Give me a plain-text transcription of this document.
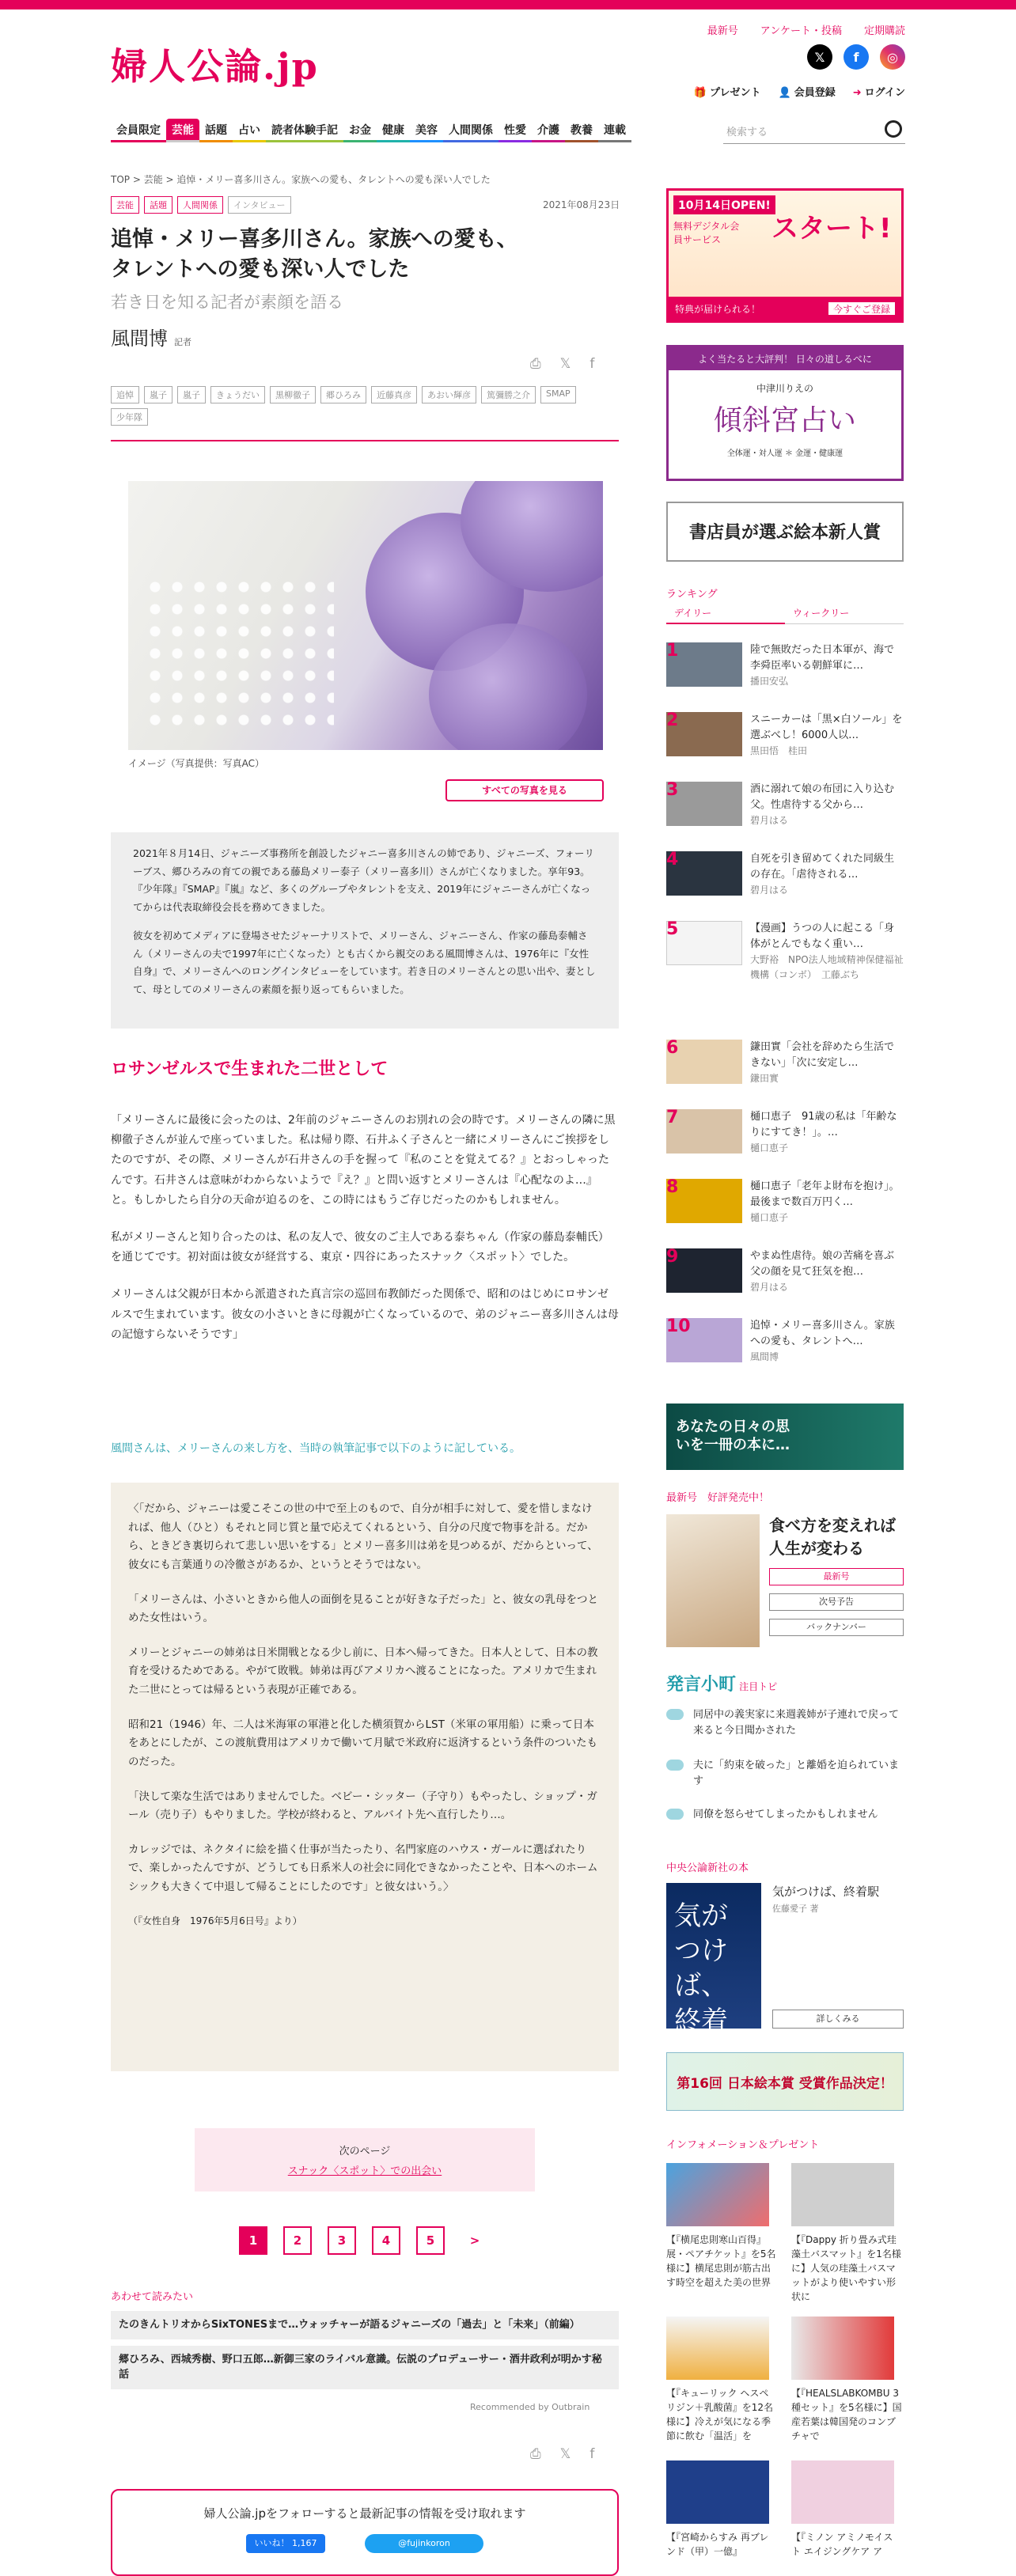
婦人公論.jp
最新号 アンケート・投稿 定期購読
𝕏	f	◎
🎁 プレゼント 👤 会員登録 ➜ ログイン
会員限定	芸能	話題	占い	読者体験手記	お金	健康	美容	人間関係	性愛	介護	教養	連載	検索する
TOP > 芸能 > 追悼・メリー喜多川さん。家族への愛も、タレントへの愛も深い人でした
芸能	話題	人間関係	インタビュー	2021年08月23日
追悼・メリー喜多川さん。家族への愛も、タレントへの愛も深い人でした
若き日を知る記者が素顔を語る
風間博 記者
⎙ 𝕏 f
追悼	嵐子	嵐子	きょうだい	黒柳徹子	郷ひろみ	近藤真彦	あおい輝彦	篤彌勝之介	SMAP
少年隊
イメージ（写真提供：写真AC）
すべての写真を見る

2021年８月14日、ジャニーズ事務所を創設したジャニー喜多川さんの姉であり、ジャニーズ、フォーリーブス、郷ひろみの育ての親である藤島メリー泰子（メリー喜多川）さんが亡くなりました。享年93。『少年隊』『SMAP』『嵐』など、多くのグループやタレントを支え、2019年にジャニーさんが亡くなってからは代表取締役会長を務めてきました。

彼女を初めてメディアに登場させたジャーナリストで、メリーさん、ジャニーさん、作家の藤島泰輔さん（メリーさんの夫で1997年に亡くなった）とも古くから親交のある風間博さんは、1976年に『女性自身』で、メリーさんへのロングインタビューをしています。若き日のメリーさんとの思い出や、妻として、母としてのメリーさんの素顔を振り返ってもらいました。

ロサンゼルスで生まれた二世として

「メリーさんに最後に会ったのは、2年前のジャニーさんのお別れの会の時です。メリーさんの隣に黒柳徹子さんが並んで座っていました。私は帰り際、石井ふく子さんと一緒にメリーさんにご挨拶をしたのですが、その際、メリーさんが石井さんの手を握って『私のことを覚えてる？』とおっしゃったんです。石井さんは意味がわからないようで『え？』と問い返すとメリーさんは『心配なのよ…』と。もしかしたら自分の天命が迫るのを、この時にはもうご存じだったのかもしれません。

私がメリーさんと知り合ったのは、私の友人で、彼女のご主人である泰ちゃん（作家の藤島泰輔氏）を通じてです。初対面は彼女が経営する、東京・四谷にあったスナック〈スポット〉でした。

メリーさんは父親が日本から派遣された真言宗の巡回布教師だった関係で、昭和のはじめにロサンゼルスで生まれています。彼女の小さいときに母親が亡くなっているので、弟のジャニー喜多川さんは母の記憶すらないそうです」

風間さんは、メリーさんの来し方を、当時の執筆記事で以下のように記している。

〈「だから、ジャニーは愛こそこの世の中で至上のもので、自分が相手に対して、愛を惜しまなければ、他人（ひと）もそれと同じ質と量で応えてくれるという、自分の尺度で物事を計る。だから、ときどき裏切られて悲しい思いをする」とメリー喜多川は弟を見つめるが、だからといって、彼女にも言葉通りの冷徹さがあるか、というとそうではない。

「メリーさんは、小さいときから他人の面倒を見ることが好きな子だった」と、彼女の乳母をつとめた女性はいう。

メリーとジャニーの姉弟は日米開戦となる少し前に、日本へ帰ってきた。日本人として、日本の教育を受けるためである。やがて敗戦。姉弟は再びアメリカへ渡ることになった。アメリカで生まれた二世にとっては帰るという表現が正確である。

昭和21（1946）年、二人は米海軍の軍港と化した横須賀からLST（米軍の軍用船）に乗って日本をあとにしたが、この渡航費用はアメリカで働いて月賦で米政府に返済するという条件のついたものだった。

「決して楽な生活ではありませんでした。ベビー・シッター（子守り）もやったし、ショップ・ガール（売り子）もやりました。学校が終わると、アルバイト先へ直行したり…。

カレッジでは、ネクタイに絵を描く仕事が当たったり、名門家庭のハウス・ガールに選ばれたりで、楽しかったんですが、どうしても日系米人の社会に同化できなかったことや、日本へのホームシックも大きくて中退して帰ることにしたのです」と彼女はいう。〉

（『女性自身　1976年5月6日号』より）

次のページ
スナック〈スポット〉での出会い
1	2	3	4	5	>
あわせて読みたい
たのきんトリオからSixTONESまで…ウォッチャーが語るジャニーズの「過去」と「未来」（前編）
郷ひろみ、西城秀樹、野口五郎…新御三家のライバル意識。伝説のプロデューサー・酒井政利が明かす秘話
Recommended by Outbrain
⎙ 𝕏 f
婦人公論.jpをフォローすると最新記事の情報を受け取れます
いいね！ 1,167	@fujinkoron
10月14日OPEN!
無料デジタル会員サービス	スタート!
特典が届けられる！	今すぐご登録
よく当たると大評判！ 日々の道しるべに
中津川りえの
傾斜宮占い
全体運・対人運 ＊ 金運・健康運
書店員が選ぶ絵本新人賞
ランキング
デイリー	ウィークリー
1	陸で無敗だった日本軍が、海で李舜臣率いる朝鮮軍に…
播田安弘
2	スニーカーは「黒×白ソール」を選ぶべし！6000人以…
黒田悟　桂田
3	酒に溺れて娘の布団に入り込む父。性虐待する父から…
碧月はる
4	自死を引き留めてくれた同級生の存在。「虐待される…
碧月はる
5	【漫画】うつの人に起こる「身体がとんでもなく重い…
大野裕　NPO法人地域精神保健福祉機構（コンボ）　工藤ぶち
6	鎌田實「会社を辞めたら生活できない」「次に安定し…
鎌田實
7	樋口恵子　91歳の私は「年齢なりにすてき！」。…
樋口恵子
8	樋口恵子「老年よ財布を抱け」。最後まで数百万円く…
樋口恵子
9	やまぬ性虐待。娘の苦痛を喜ぶ父の顔を見て狂気を抱…
碧月はる
10	追悼・メリー喜多川さん。家族への愛も、タレントへ…
風間博
あなたの日々の思いを一冊の本に…
最新号　好評発売中！
食べ方を変えれば人生が変わる
最新号
次号予告
バックナンバー
発言小町 注目トピ
同居中の義実家に来週義姉が子連れで戻って来ると今日聞かされた
夫に「約束を破った」と離婚を迫られています
同僚を怒らせてしまったかもしれません
中央公論新社の本
気がつけば、終着
気がつけば、終着駅
佐藤愛子 著
詳しくみる
第16回 日本絵本賞 受賞作品決定！
インフォメーション＆プレゼント
【『横尾忠則寒山百得』展・ペアチケット』を5名様に】横尾忠則が筋古出す時空を超えた美の世界
【『Dappy 折り畳み式珪藻土バスマット』を1名様に】人気の珪藻土バスマットがより使いやすい形状に
【『キューリック ヘスペリジン＋乳酸菌』を12名様に】冷えが気になる季節に飲む「温活」を
【『HEALSLABKOMBU 3種セット』を5名様に】国産若葉は韓国発のコンブチャで
【『宮崎からすみ 再ブレンド（甲）一億』
【『ミノン アミノモイスト エイジングケア ア
